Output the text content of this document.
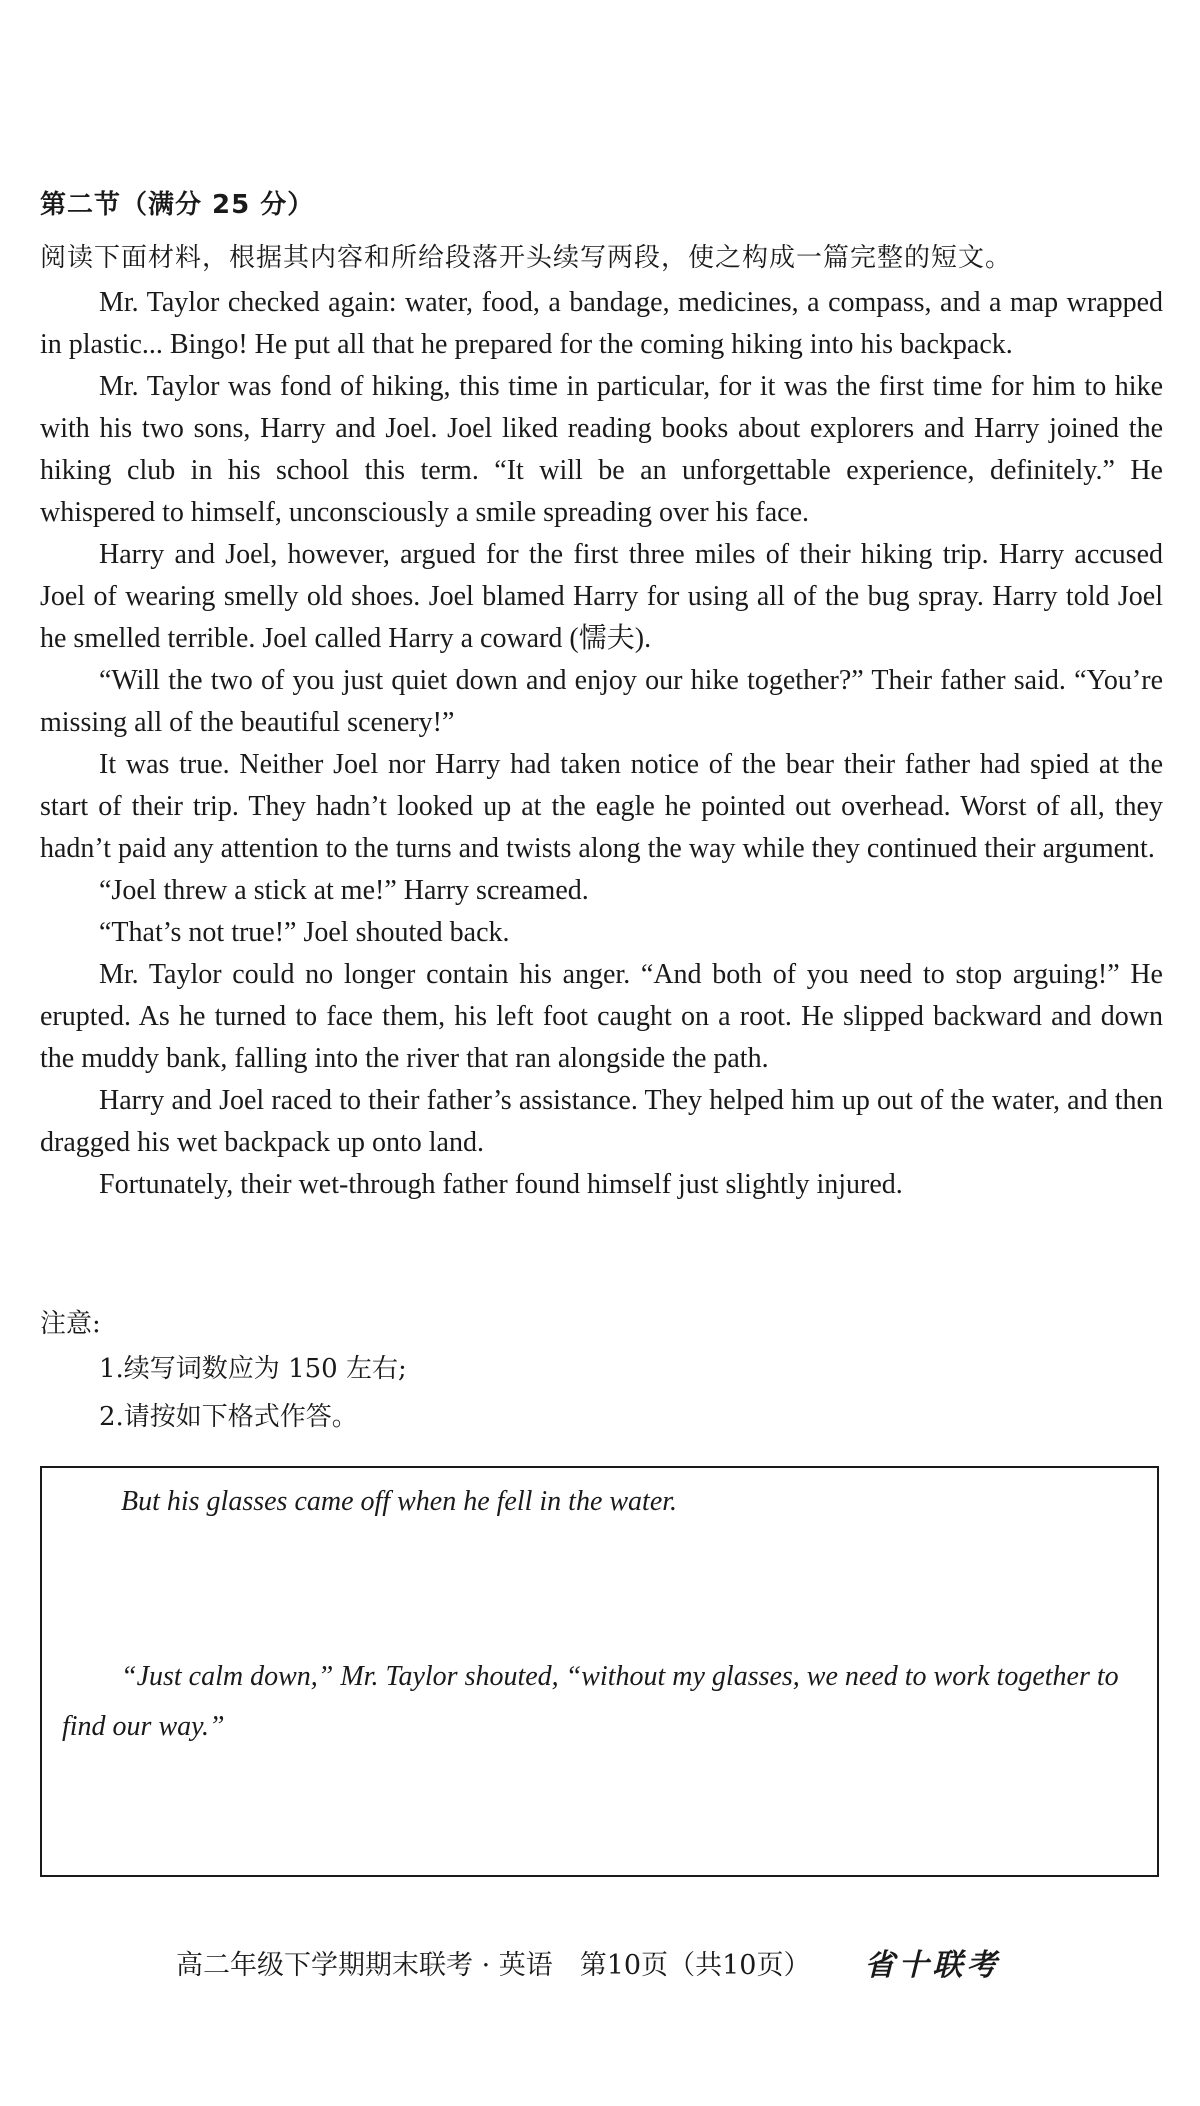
第二节（满分 25 分）
阅读下面材料，根据其内容和所给段落开头续写两段，使之构成一篇完整的短文。

Mr. Taylor checked again: water, food, a bandage, medicines, a compass, and a map wrapped in plastic... Bingo! He put all that he prepared for the coming hiking into his backpack.

Mr. Taylor was fond of hiking, this time in particular, for it was the first time for him to hike with his two sons, Harry and Joel. Joel liked reading books about explorers and Harry joined the hiking club in his school this term. “It will be an unforgettable experience, definitely.” He whispered to himself, unconsciously a smile spreading over his face.

Harry and Joel, however, argued for the first three miles of their hiking trip. Harry accused Joel of wearing smelly old shoes. Joel blamed Harry for using all of the bug spray. Harry told Joel he smelled terrible. Joel called Harry a coward (懦夫).

“Will the two of you just quiet down and enjoy our hike together?” Their father said. “You’re missing all of the beautiful scenery!”

It was true. Neither Joel nor Harry had taken notice of the bear their father had spied at the start of their trip. They hadn’t looked up at the eagle he pointed out overhead. Worst of all, they hadn’t paid any attention to the turns and twists along the way while they continued their argument.

“Joel threw a stick at me!” Harry screamed.

“That’s not true!” Joel shouted back.

Mr. Taylor could no longer contain his anger. “And both of you need to stop arguing!” He erupted. As he turned to face them, his left foot caught on a root. He slipped backward and down the muddy bank, falling into the river that ran alongside the path.

Harry and Joel raced to their father’s assistance. They helped him up out of the water, and then dragged his wet backpack up onto land.

Fortunately, their wet-through father found himself just slightly injured.

注意:

1.续写词数应为 150 左右;
2.请按如下格式作答。

But his glasses came off when he fell in the water.

“Just calm down,” Mr. Taylor shouted, “without my glasses, we need to work together to find our way.”

高二年级下学期期末联考 · 英语　第10页（共10页） 省十联考
